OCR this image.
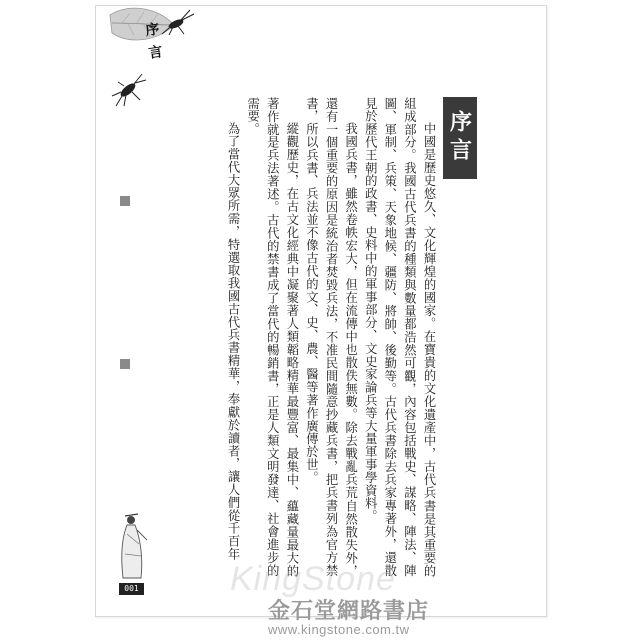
序 言
序言

中國是歷史悠久、文化輝煌的國家。在寶貴的文化遺產中，古代兵書是其重要的組成部分。我國古代兵書的種類與數量都浩然可觀，內容包括戰史、謀略、陣法、陣圖、軍制、兵策、天象地候、疆防、將帥、後勤等。古代兵書除去兵家專著外，還散見於歷代王朝的政書、史料中的軍事部分、文史家論兵等大量軍事學資料。

我國兵書，雖然卷帙宏大，但在流傳中也散佚無數。除去戰亂兵荒自然散失外，還有一個重要的原因是統治者焚毀兵法，不准民間隨意抄藏兵書，把兵書列為官方禁書，所以兵書、兵法並不像古代的文、史、農、醫等著作廣傳於世。

縱觀歷史，在古文化經典中凝聚著人類韜略精華最豐富、最集中、蘊藏量最大的著作就是兵法著述。古代的禁書成了當代的暢銷書，正是人類文明發達、社會進步的需要。

為了當代大眾所需，特選取我國古代兵書精華，奉獻於讀者，讓人們從千百年

001	KingStone
金石堂網路書店
www.kingstone.com.tw
